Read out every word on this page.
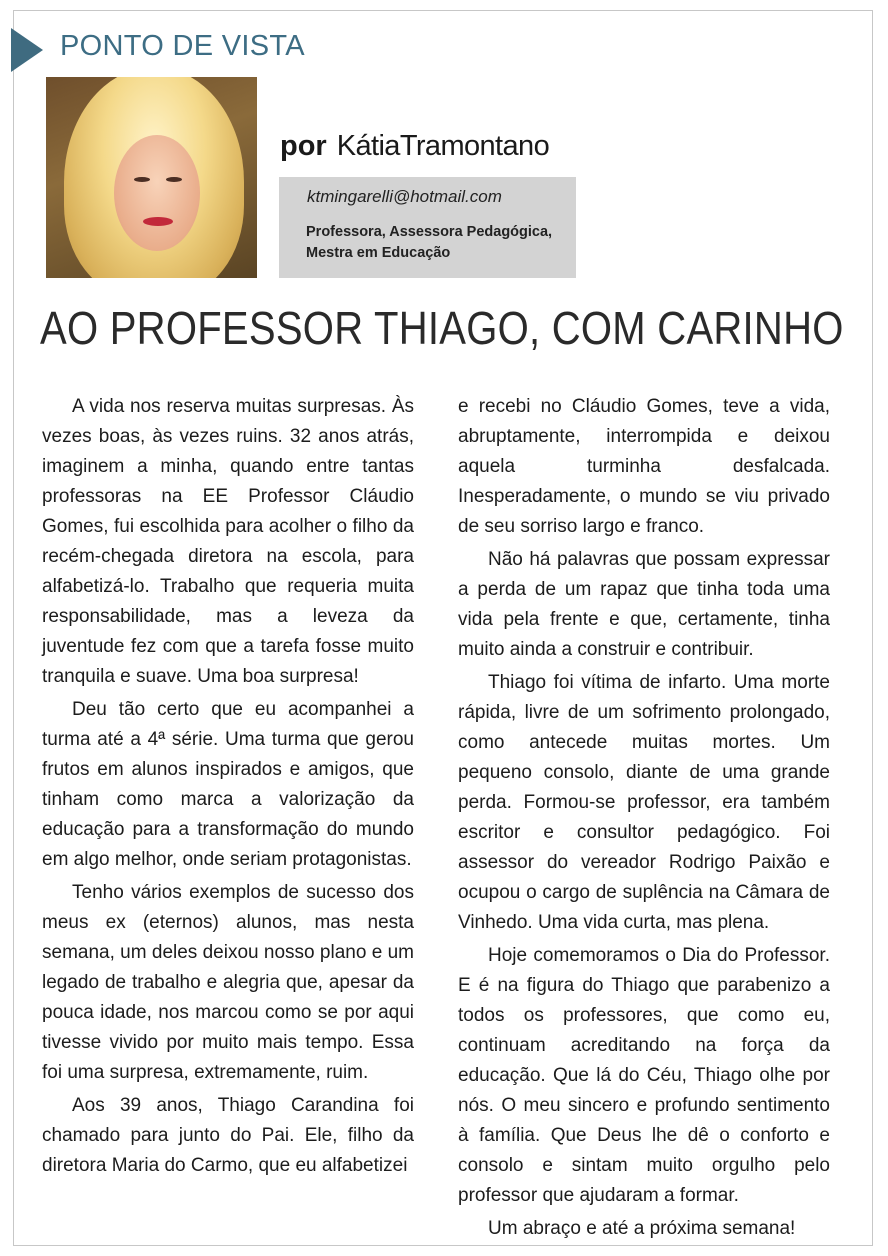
PONTO DE VISTA
por KátiaTramontano
ktmingarelli@hotmail.com
Professora, Assessora Pedagógica, Mestra em Educação
AO PROFESSOR THIAGO, COM CARINHO

A vida nos reserva muitas surpresas. Às vezes boas, às vezes ruins. 32 anos atrás, imaginem a minha, quando entre tantas professoras na EE Professor Cláudio Gomes, fui escolhida para acolher o filho da recém-chegada diretora na escola, para alfabetizá-lo. Trabalho que requeria muita responsabilidade, mas a leveza da juventude fez com que a tarefa fosse muito tranquila e suave. Uma boa surpresa!

Deu tão certo que eu acompanhei a turma até a 4ª série. Uma turma que gerou frutos em alunos inspirados e amigos, que tinham como marca a valorização da educação para a transformação do mundo em algo melhor, onde seriam protagonistas.

Tenho vários exemplos de sucesso dos meus ex (eternos) alunos, mas nesta semana, um deles deixou nosso plano e um legado de trabalho e alegria que, apesar da pouca idade, nos marcou como se por aqui tivesse vivido por muito mais tempo. Essa foi uma surpresa, extremamente, ruim.

Aos 39 anos, Thiago Carandina foi chamado para junto do Pai. Ele, filho da diretora Maria do Carmo, que eu alfabetizei

e recebi no Cláudio Gomes, teve a vida, abruptamente, interrompida e deixou aquela turminha desfalcada. Inesperadamente, o mundo se viu privado de seu sorriso largo e franco.

Não há palavras que possam expressar a perda de um rapaz que tinha toda uma vida pela frente e que, certamente, tinha muito ainda a construir e contribuir.

Thiago foi vítima de infarto. Uma morte rápida, livre de um sofrimento prolongado, como antecede muitas mortes. Um pequeno consolo, diante de uma grande perda. Formou-se professor, era também escritor e consultor pedagógico. Foi assessor do vereador Rodrigo Paixão e ocupou o cargo de suplência na Câmara de Vinhedo. Uma vida curta, mas plena.

Hoje comemoramos o Dia do Professor. E é na figura do Thiago que parabenizo a todos os professores, que como eu, continuam acreditando na força da educação. Que lá do Céu, Thiago olhe por nós. O meu sincero e profundo sentimento à família. Que Deus lhe dê o conforto e consolo e sintam muito orgulho pelo professor que ajudaram a formar.

Um abraço e até a próxima semana!
